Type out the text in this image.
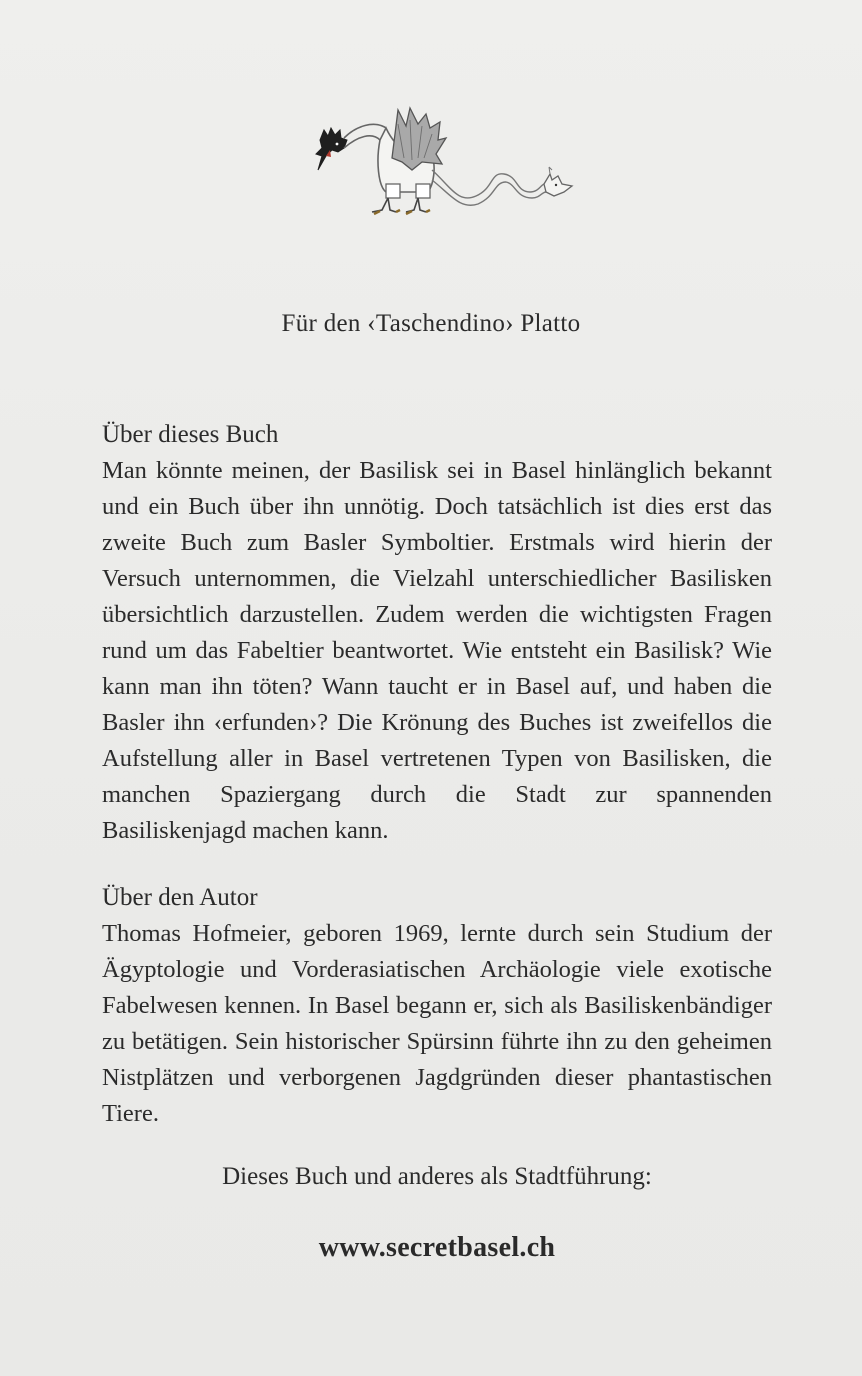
Für den ‹Taschendino› Platto
Über dieses Buch

Man könnte meinen, der Basilisk sei in Basel hinlänglich bekannt und ein Buch über ihn unnötig. Doch tatsächlich ist dies erst das zweite Buch zum Basler Symboltier. Erstmals wird hierin der Versuch unternommen, die Vielzahl unterschiedlicher Basilisken übersichtlich darzustellen. Zudem werden die wichtigsten Fragen rund um das Fabeltier beantwortet. Wie entsteht ein Basilisk? Wie kann man ihn töten? Wann taucht er in Basel auf, und haben die Basler ihn ‹erfunden›? Die Krönung des Buches ist zweifellos die Aufstellung aller in Basel vertretenen Typen von Basilisken, die manchen Spaziergang durch die Stadt zur spannenden Basiliskenjagd machen kann.

Über den Autor

Thomas Hofmeier, geboren 1969, lernte durch sein Studium der Ägyptologie und Vorderasiatischen Archäologie viele exotische Fabelwesen kennen. In Basel begann er, sich als Basiliskenbändiger zu betätigen. Sein historischer Spürsinn führte ihn zu den geheimen Nistplätzen und verborgenen Jagdgründen dieser phantastischen Tiere.

Dieses Buch und anderes als Stadtführung:
www.secretbasel.ch
